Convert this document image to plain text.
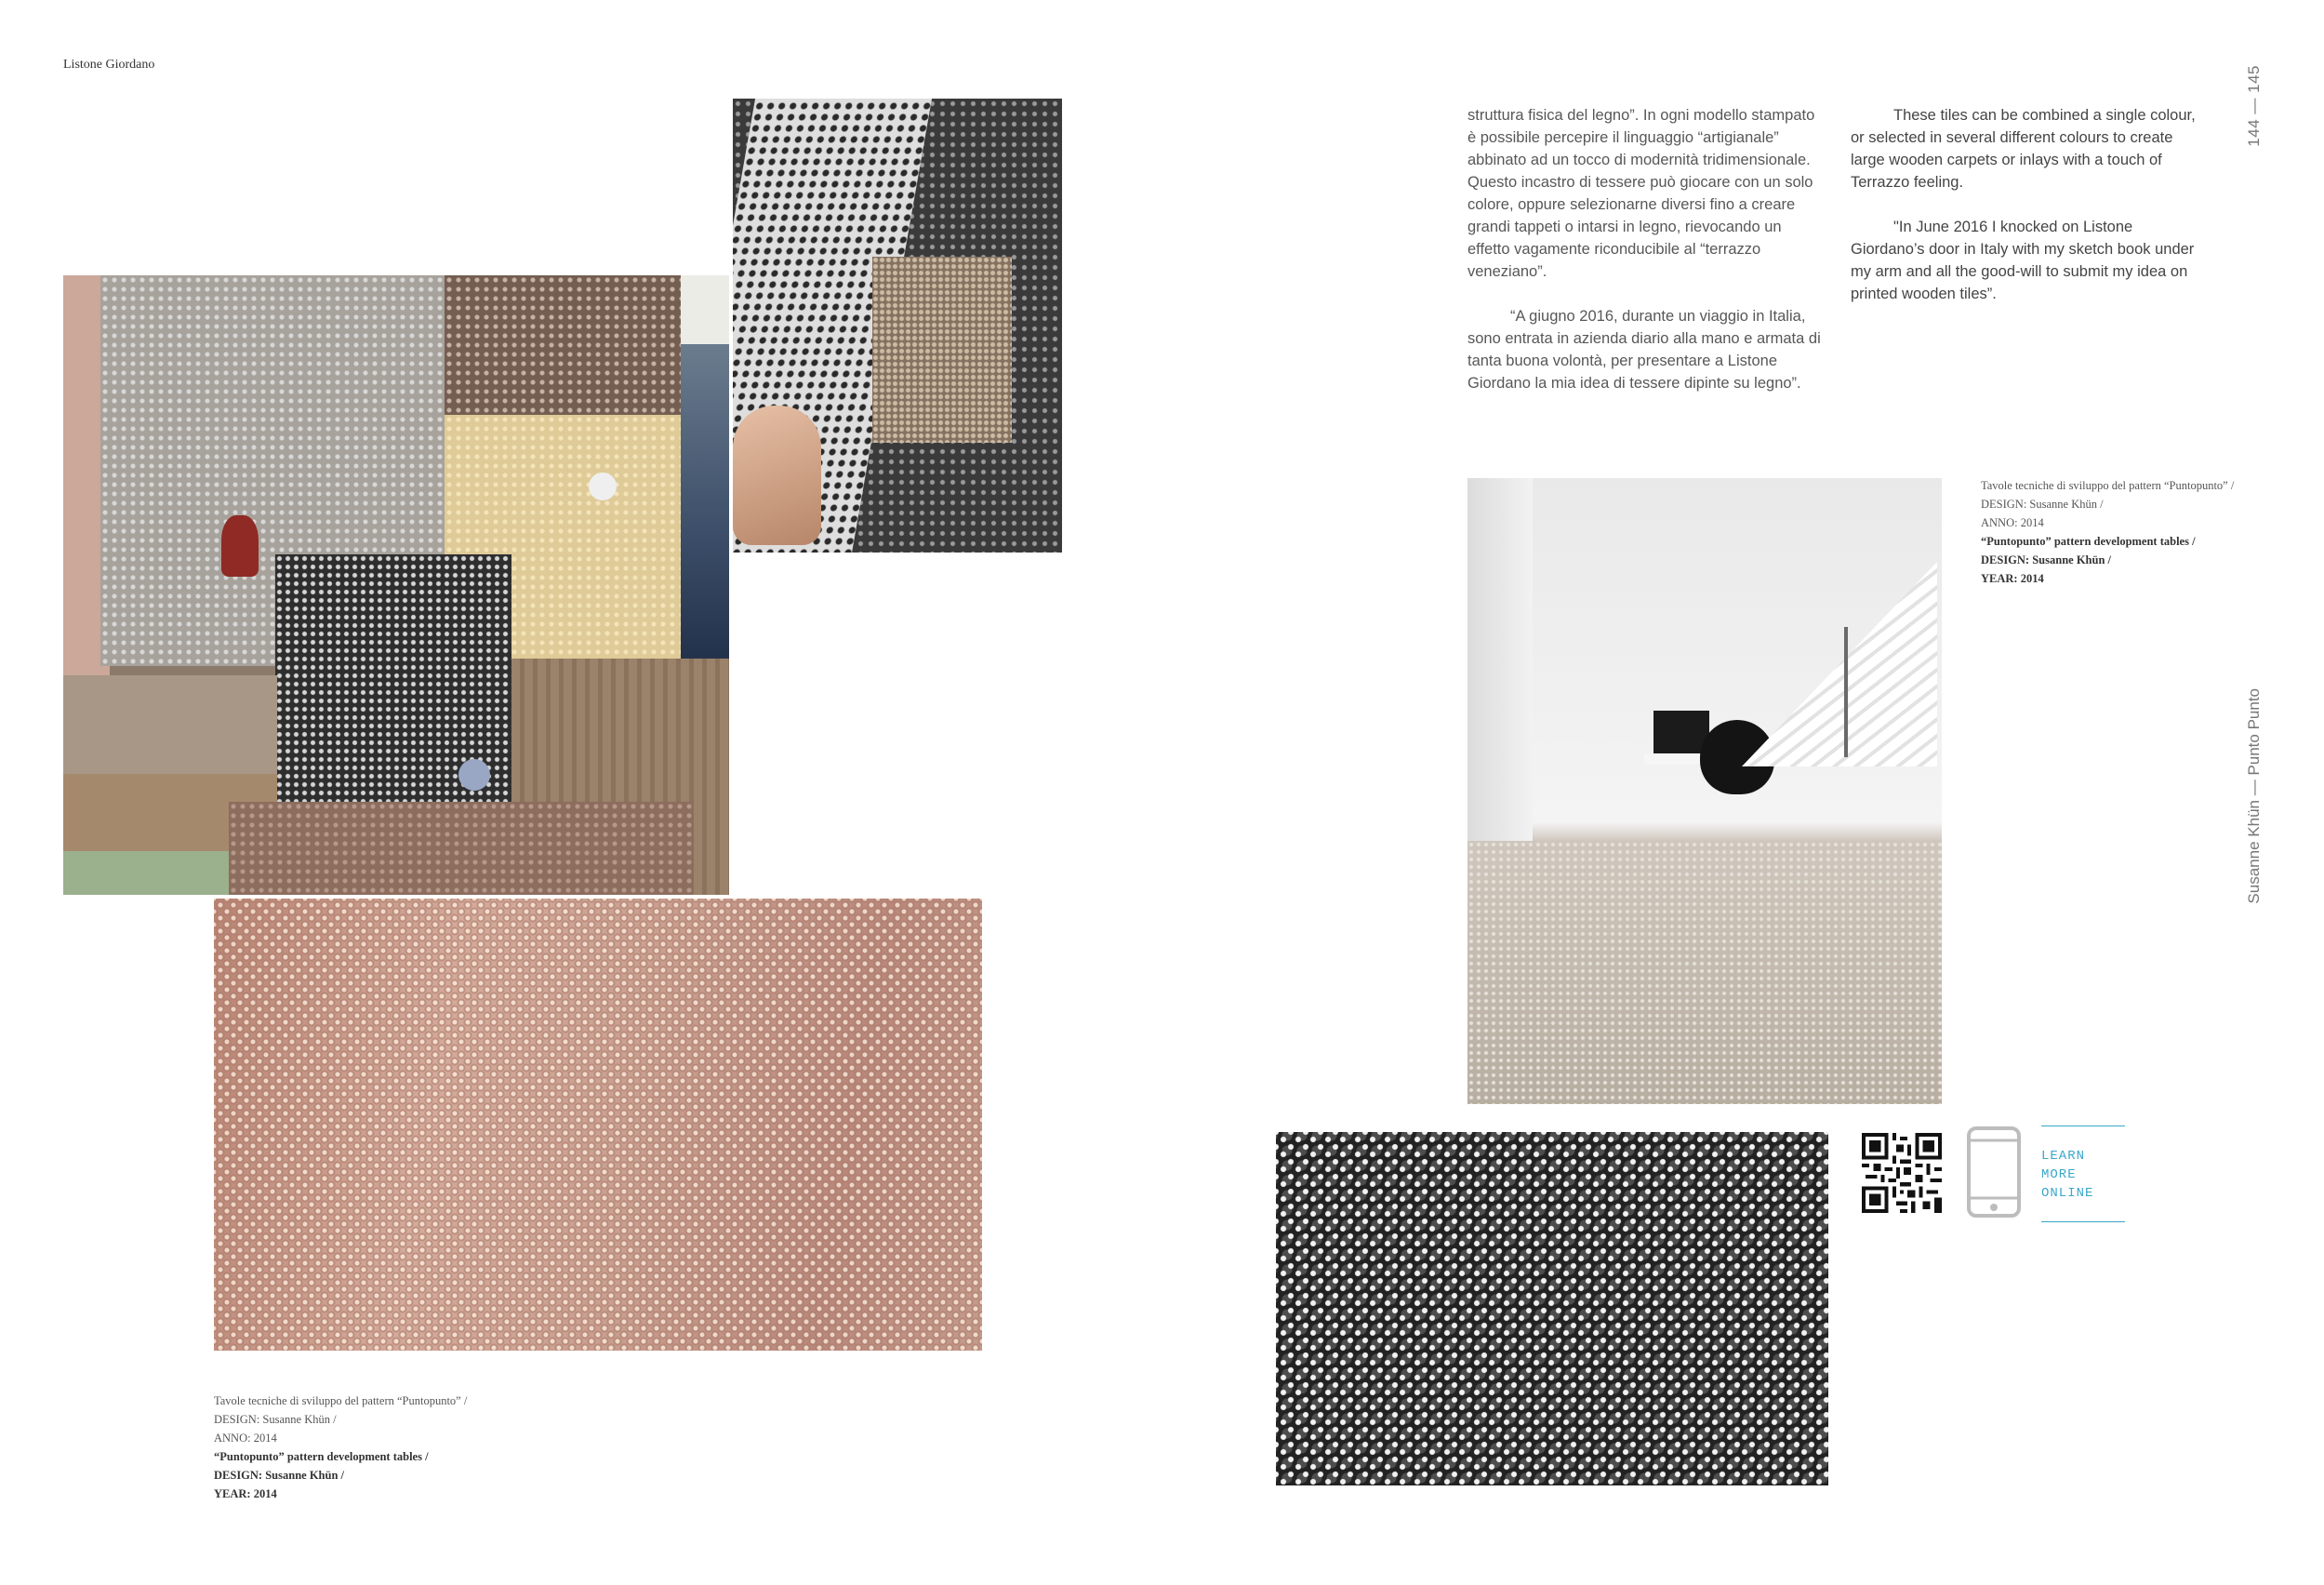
Listone Giordano
144 — 145
Susanne Khün — Punto Punto
Tavole tecniche di sviluppo del pattern “Puntopunto” /
DESIGN: Susanne Khün /
ANNO: 2014
“Puntopunto” pattern development tables /
DESIGN: Susanne Khün /
YEAR: 2014

struttura fisica del legno”. In ogni modello stampato è possibile percepire il linguaggio “artigianale” abbinato ad un tocco di modernità tridimensionale. Questo incastro di tessere può giocare con un solo colore, oppure selezionarne diversi fino a creare grandi tappeti o intarsi in legno, rievocando un effetto vagamente riconducibile al “terrazzo veneziano”.

“A giugno 2016, durante un viaggio in Italia, sono entrata in azienda diario alla mano e armata di tanta buona volontà, per presentare a Listone Giordano la mia idea di tessere dipinte su legno”.

These tiles can be combined a single colour, or selected in several different colours to create large wooden carpets or inlays with a touch of Terrazzo feeling.

"In June 2016 I knocked on Listone Giordano’s door in Italy with my sketch book under my arm and all the good-will to submit my idea on printed wooden tiles”.

Tavole tecniche di sviluppo del pattern “Puntopunto” /
DESIGN: Susanne Khün /
ANNO: 2014
“Puntopunto” pattern development tables /
DESIGN: Susanne Khün /
YEAR: 2014
LEARN
MORE
ONLINE
